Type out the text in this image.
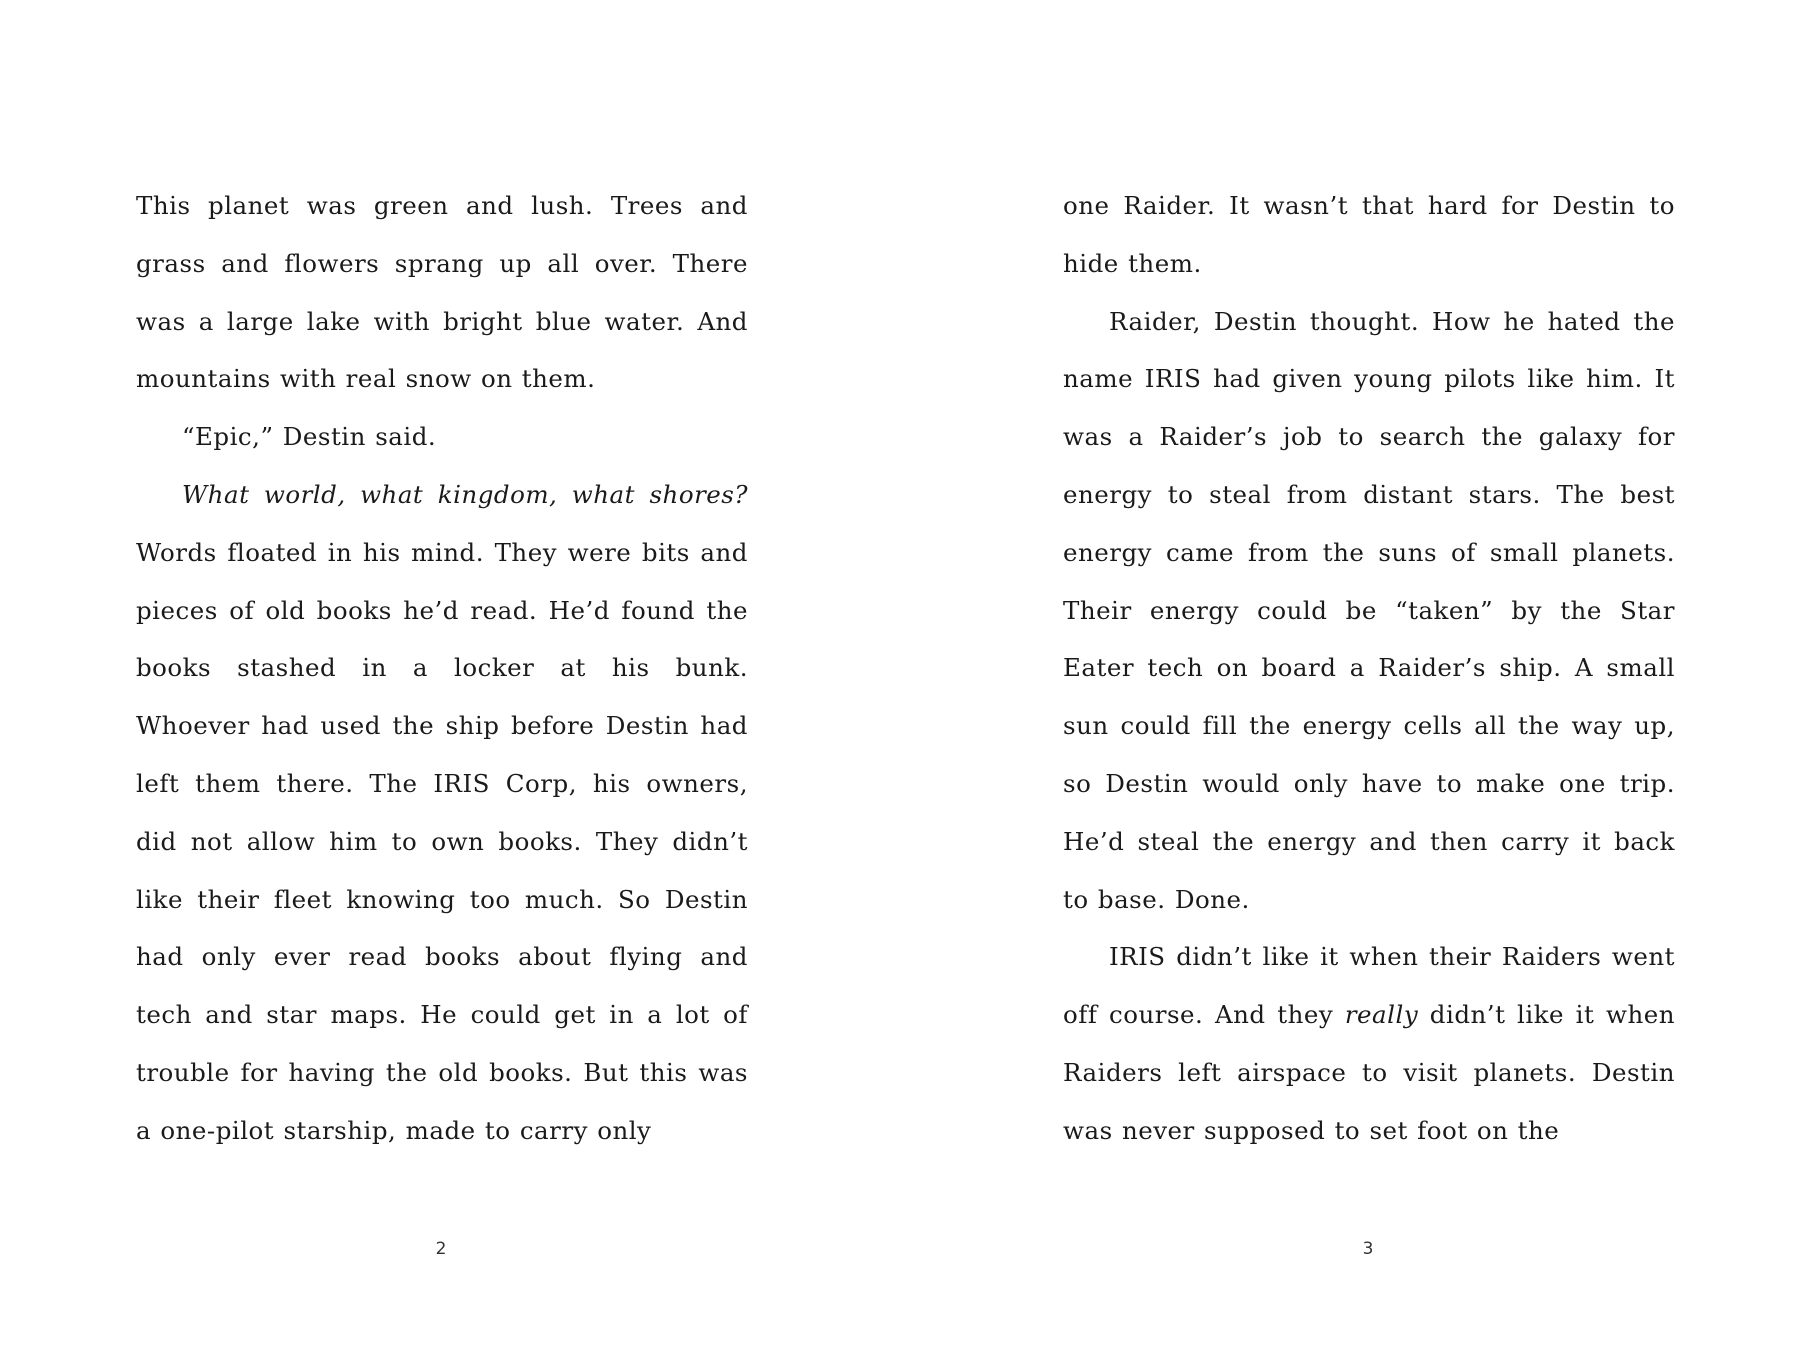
This planet was green and lush. Trees and grass and flowers sprang up all over. There was a large lake with bright blue water. And mountains with real snow on them.

“Epic,” Destin said.

What world, what kingdom, what shores? Words floated in his mind. They were bits and pieces of old books he’d read. He’d found the books stashed in a locker at his bunk. Whoever had used the ship before Destin had left them there. The IRIS Corp, his owners, did not allow him to own books. They didn’t like their fleet knowing too much. So Destin had only ever read books about flying and tech and star maps. He could get in a lot of trouble for having the old books. But this was a one-pilot starship, made to carry only

2

one Raider. It wasn’t that hard for Destin to hide them.

Raider, Destin thought. How he hated the name IRIS had given young pilots like him. It was a Raider’s job to search the galaxy for energy to steal from distant stars. The best energy came from the suns of small planets. Their energy could be “taken” by the Star Eater tech on board a Raider’s ship. A small sun could fill the energy cells all the way up, so Destin would only have to make one trip. He’d steal the energy and then carry it back to base. Done.

IRIS didn’t like it when their Raiders went off course. And they really didn’t like it when Raiders left airspace to visit planets. Destin was never supposed to set foot on the

3
